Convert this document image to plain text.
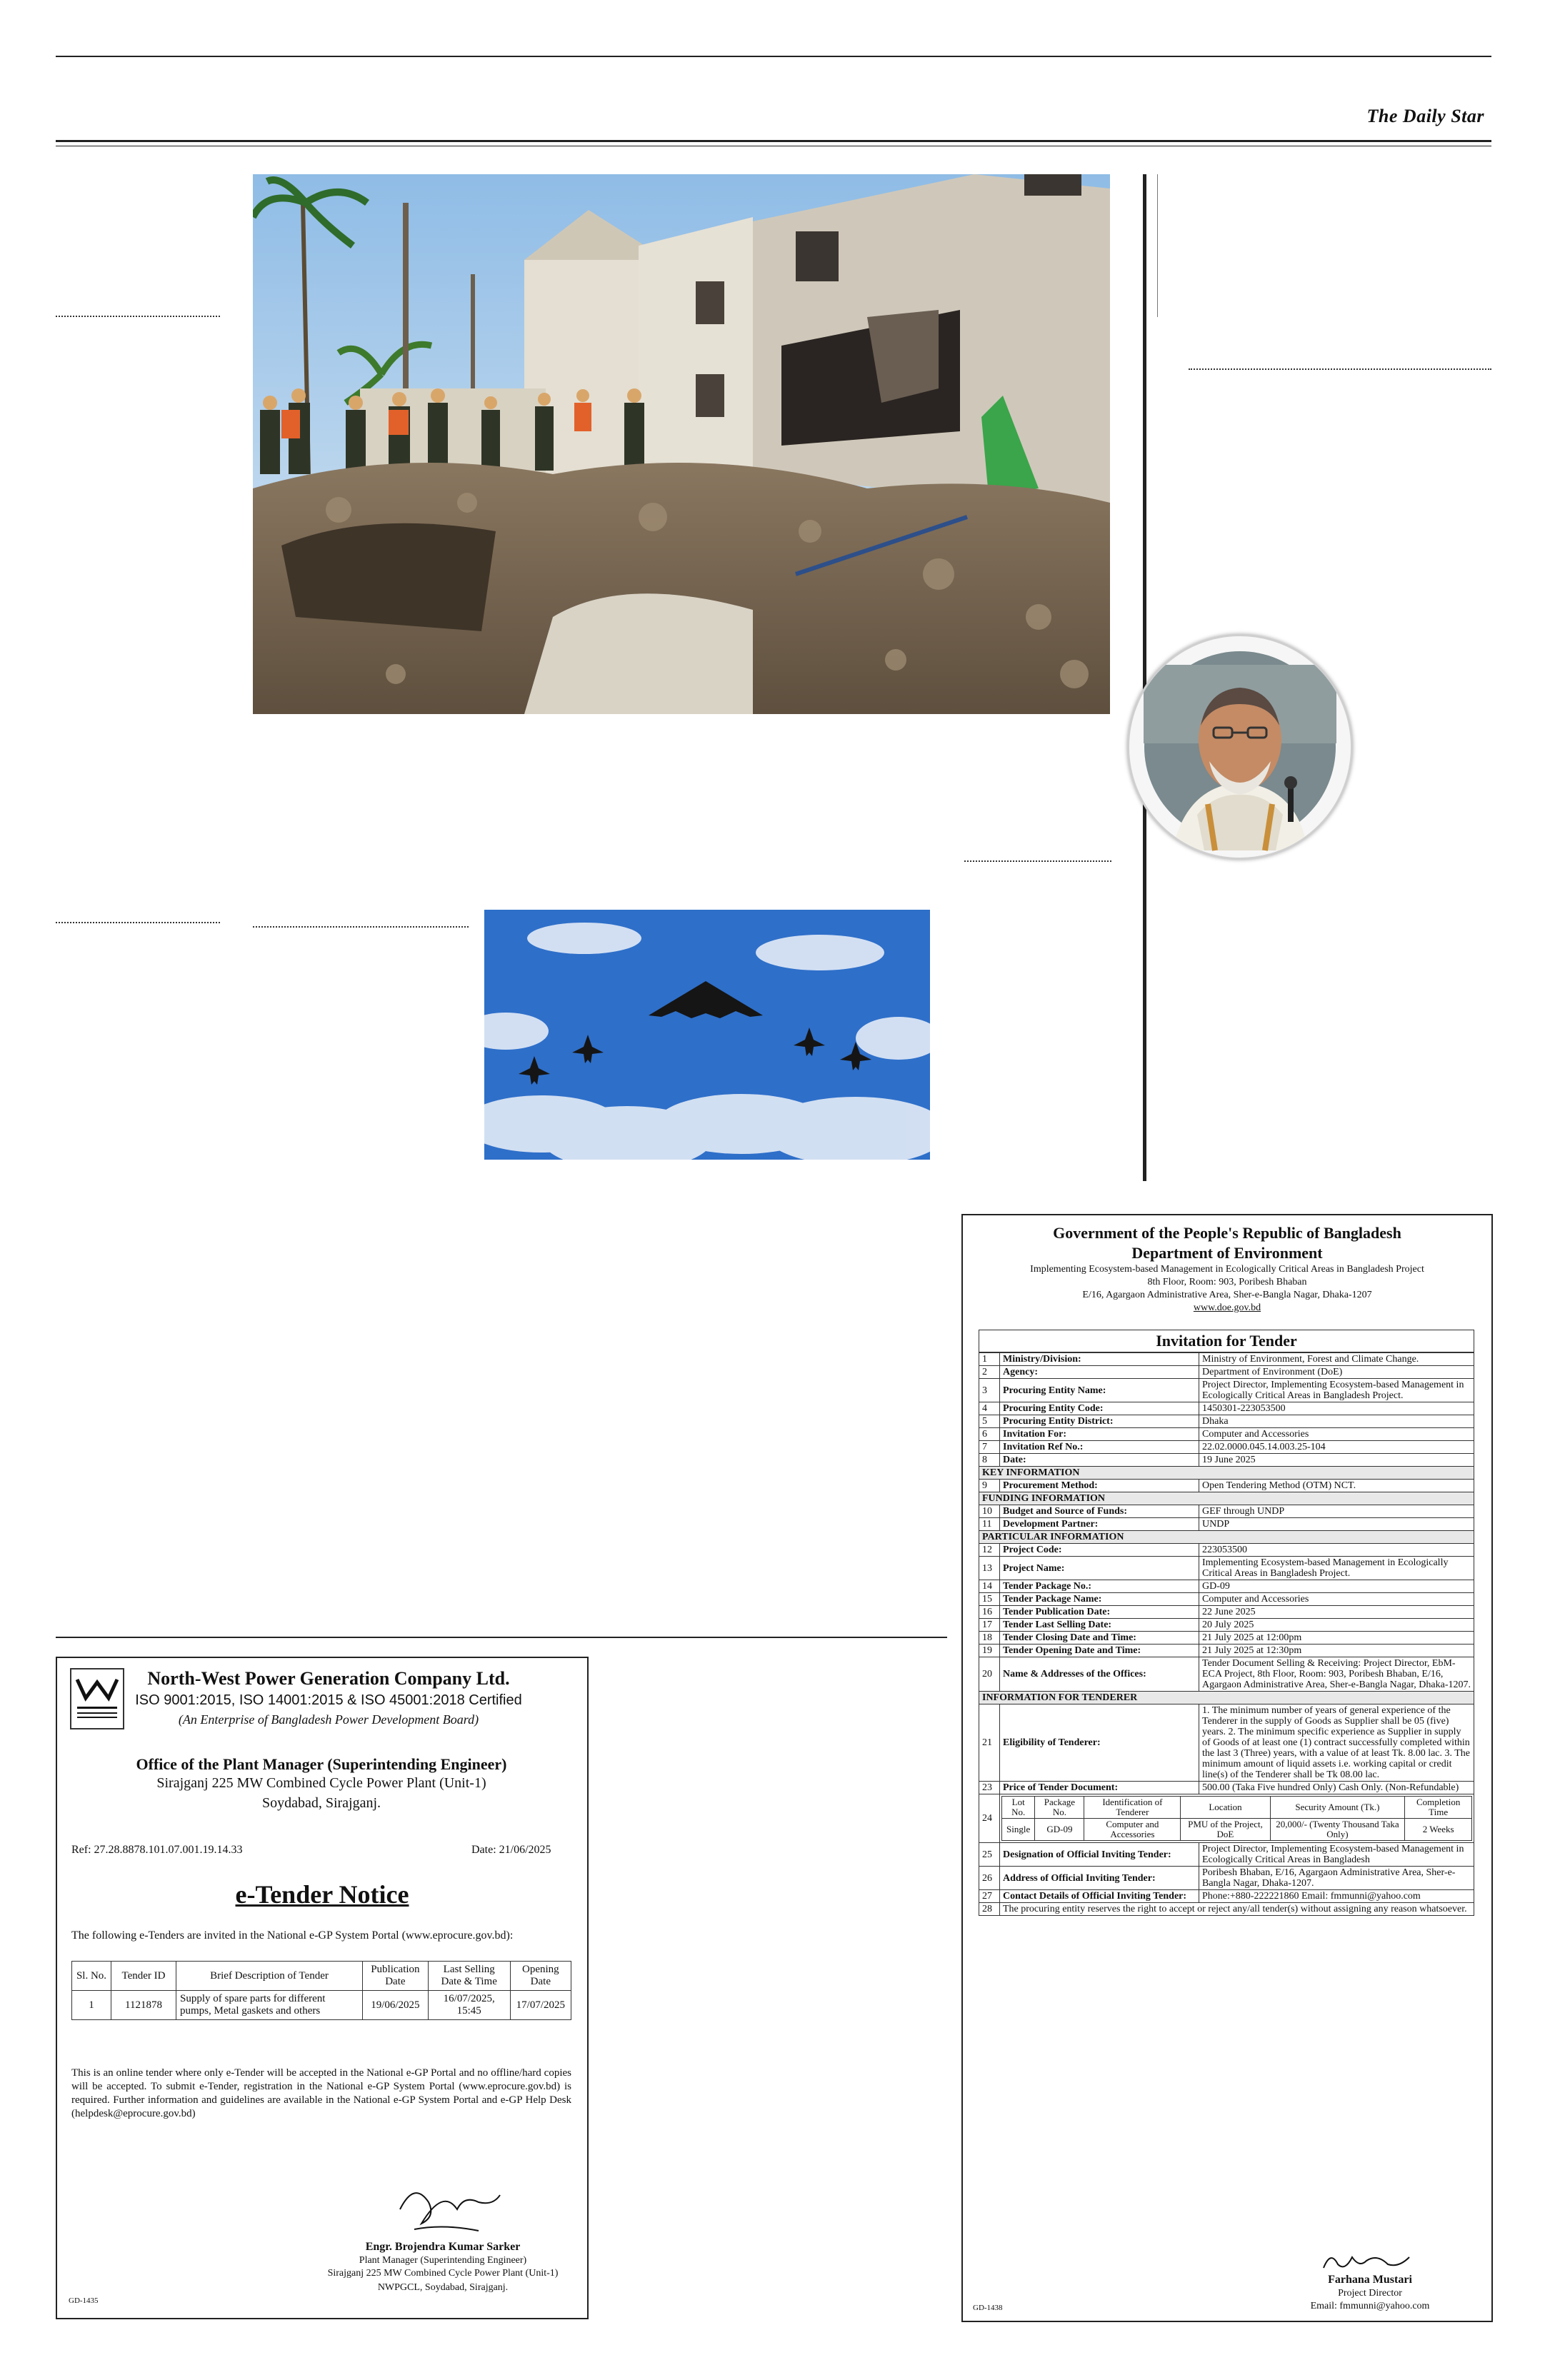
The Daily Star
North-West Power Generation Company Ltd.
ISO 9001:2015, ISO 14001:2015 & ISO 45001:2018 Certified
(An Enterprise of Bangladesh Power Development Board)
Office of the Plant Manager (Superintending Engineer)
Sirajganj 225 MW Combined Cycle Power Plant (Unit-1)
Soydabad, Sirajganj.
Ref: 27.28.8878.101.07.001.19.14.33	Date: 21/06/2025
e-Tender Notice
The following e-Tenders are invited in the National e-GP System Portal (www.eprocure.gov.bd):
Sl. No.	Tender ID	Brief Description of Tender	Publication Date	Last Selling Date & Time	Opening Date
1	1121878	Supply of spare parts for different pumps, Metal gaskets and others	19/06/2025	16/07/2025, 15:45	17/07/2025
This is an online tender where only e-Tender will be accepted in the National e-GP Portal and no offline/hard copies will be accepted. To submit e-Tender, registration in the National e-GP System Portal (www.eprocure.gov.bd) is required. Further information and guidelines are available in the National e-GP System Portal and e-GP Help Desk (helpdesk@eprocure.gov.bd)
Engr. Brojendra Kumar Sarker
Plant Manager (Superintending Engineer)
Sirajganj 225 MW Combined Cycle Power Plant (Unit-1)
NWPGCL, Soydabad, Sirajganj.
GD-1435
Government of the People's Republic of Bangladesh
Department of Environment
Implementing Ecosystem-based Management in Ecologically Critical Areas in Bangladesh Project
8th Floor, Room: 903, Poribesh Bhaban
E/16, Agargaon Administrative Area, Sher-e-Bangla Nagar, Dhaka-1207
www.doe.gov.bd
Invitation for Tender
1	Ministry/Division:	Ministry of Environment, Forest and Climate Change.
2	Agency:	Department of Environment (DoE)
3	Procuring Entity Name:	Project Director, Implementing Ecosystem-based Management in Ecologically Critical Areas in Bangladesh Project.
4	Procuring Entity Code:	1450301-223053500
5	Procuring Entity District:	Dhaka
6	Invitation For:	Computer and Accessories
7	Invitation Ref No.:	22.02.0000.045.14.003.25-104
8	Date:	19 June 2025
KEY INFORMATION
9	Procurement Method:	Open Tendering Method (OTM) NCT.
FUNDING INFORMATION
10	Budget and Source of Funds:	GEF through UNDP
11	Development Partner:	UNDP
PARTICULAR INFORMATION
12	Project Code:	223053500
13	Project Name:	Implementing Ecosystem-based Management in Ecologically Critical Areas in Bangladesh Project.
14	Tender Package No.:	GD-09
15	Tender Package Name:	Computer and Accessories
16	Tender Publication Date:	22 June 2025
17	Tender Last Selling Date:	20 July 2025
18	Tender Closing Date and Time:	21 July 2025 at 12:00pm
19	Tender Opening Date and Time:	21 July 2025 at 12:30pm
20	Name & Addresses of the Offices:	Tender Document Selling & Receiving: Project Director, EbM-ECA Project, 8th Floor, Room: 903, Poribesh Bhaban, E/16, Agargaon Administrative Area, Sher-e-Bangla Nagar, Dhaka-1207.
INFORMATION FOR TENDERER
21	Eligibility of Tenderer:	1. The minimum number of years of general experience of the Tenderer in the supply of Goods as Supplier shall be 05 (five) years. 2. The minimum specific experience as Supplier in supply of Goods of at least one (1) contract successfully completed within the last 3 (Three) years, with a value of at least Tk. 8.00 lac. 3. The minimum amount of liquid assets i.e. working capital or credit line(s) of the Tenderer shall be Tk 08.00 lac.
23	Price of Tender Document:	500.00 (Taka Five hundred Only) Cash Only. (Non-Refundable)
24	
Lot No.	Package No.	Identification of Tenderer	Location	Security Amount (Tk.)	Completion Time
Single	GD-09	Computer and Accessories	PMU of the Project, DoE	20,000/- (Twenty Thousand Taka Only)	2 Weeks

25	Designation of Official Inviting Tender:	Project Director, Implementing Ecosystem-based Management in Ecologically Critical Areas in Bangladesh
26	Address of Official Inviting Tender:	Poribesh Bhaban, E/16, Agargaon Administrative Area, Sher-e-Bangla Nagar, Dhaka-1207.
27	Contact Details of Official Inviting Tender:	Phone:+880-222221860 Email: fmmunni@yahoo.com
28	The procuring entity reserves the right to accept or reject any/all tender(s) without assigning any reason whatsoever.
Farhana Mustari
Project Director
Email: fmmunni@yahoo.com
GD-1438
